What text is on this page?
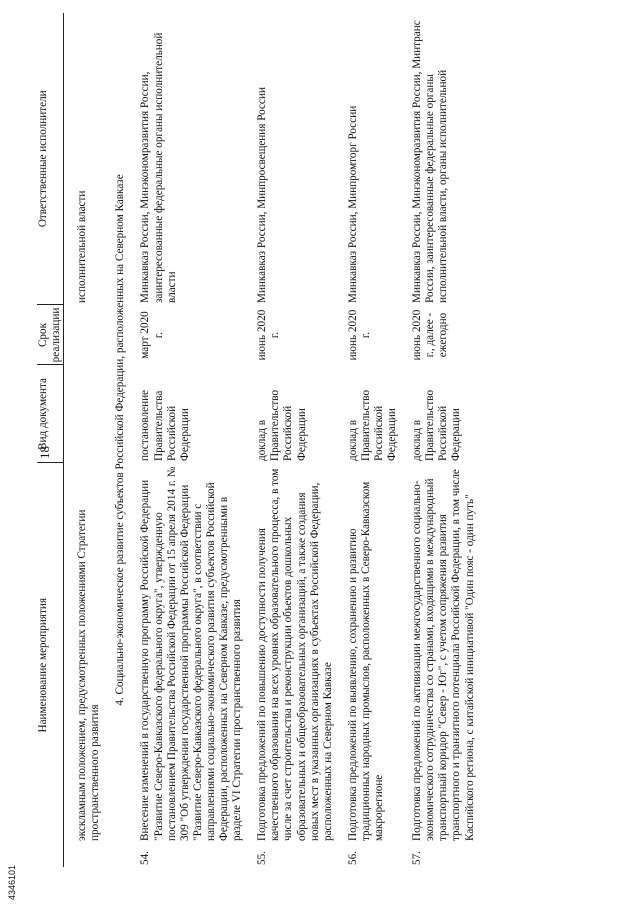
18
Наименование мероприятия		Вид документа	Срок реализации	Ответственные исполнители

	экскламным положением, предусмотренных положениями Стратегии пространственного развития			исполнительной власти

4. Социально-экономическое развитие субъектов Российской Федерации, расположенных на Северном Кавказе				

54.	Внесение изменений в государственную программу Российской Федерации "Развитие Северо-Кавказского федерального округа", утвержденную постановлением Правительства Российской Федерации от 15 апреля 2014 г. № 309 "Об утверждении государственной программы Российской Федерации "Развитие Северо-Кавказского федерального округа", в соответствии с направлениями социально-экономического развития субъектов Российской Федерации, расположенных на Северном Кавказе, предусмотренными в разделе VI Стратегии пространственного развития	постановление Правительства Российской Федерации	март 2020 г.	Минкавказ России, Минэкономразвития России, заинтересованные федеральные органы исполнительной власти

55.	Подготовка предложений по повышению доступности получения качественного образования на всех уровнях образовательного процесса, в том числе за счет строительства и реконструкции объектов дошкольных образовательных и общеобразовательных организаций, а также создания новых мест в указанных организациях в субъектах Российской Федерации, расположенных на Северном Кавказе	доклад в Правительство Российской Федерации	июнь 2020 г.	Минкавказ России, Минпросвещения России

56.	Подготовка предложений по выявлению, сохранению и развитию традиционных народных промыслов, расположенных в Северо-Кавказском макрорегионе	доклад в Правительство Российской Федерации	июнь 2020 г.	Минкавказ России, Минпромторг России

57.	Подготовка предложений по активизации межгосударственного социально-экономического сотрудничества со странами, входящими в международный транспортный коридор "Север - Юг", с учетом сопряжения развития транспортного и транзитного потенциала Российской Федерации, в том числе Каспийского региона, с китайской инициативой "Один пояс - один путь"	доклад в Правительство Российской Федерации	июнь 2020 г., далее - ежегодно	Минкавказ России, Минэкономразвития России, Минтранс России, заинтересованные федеральные органы исполнительной власти, органы исполнительной
4346101
